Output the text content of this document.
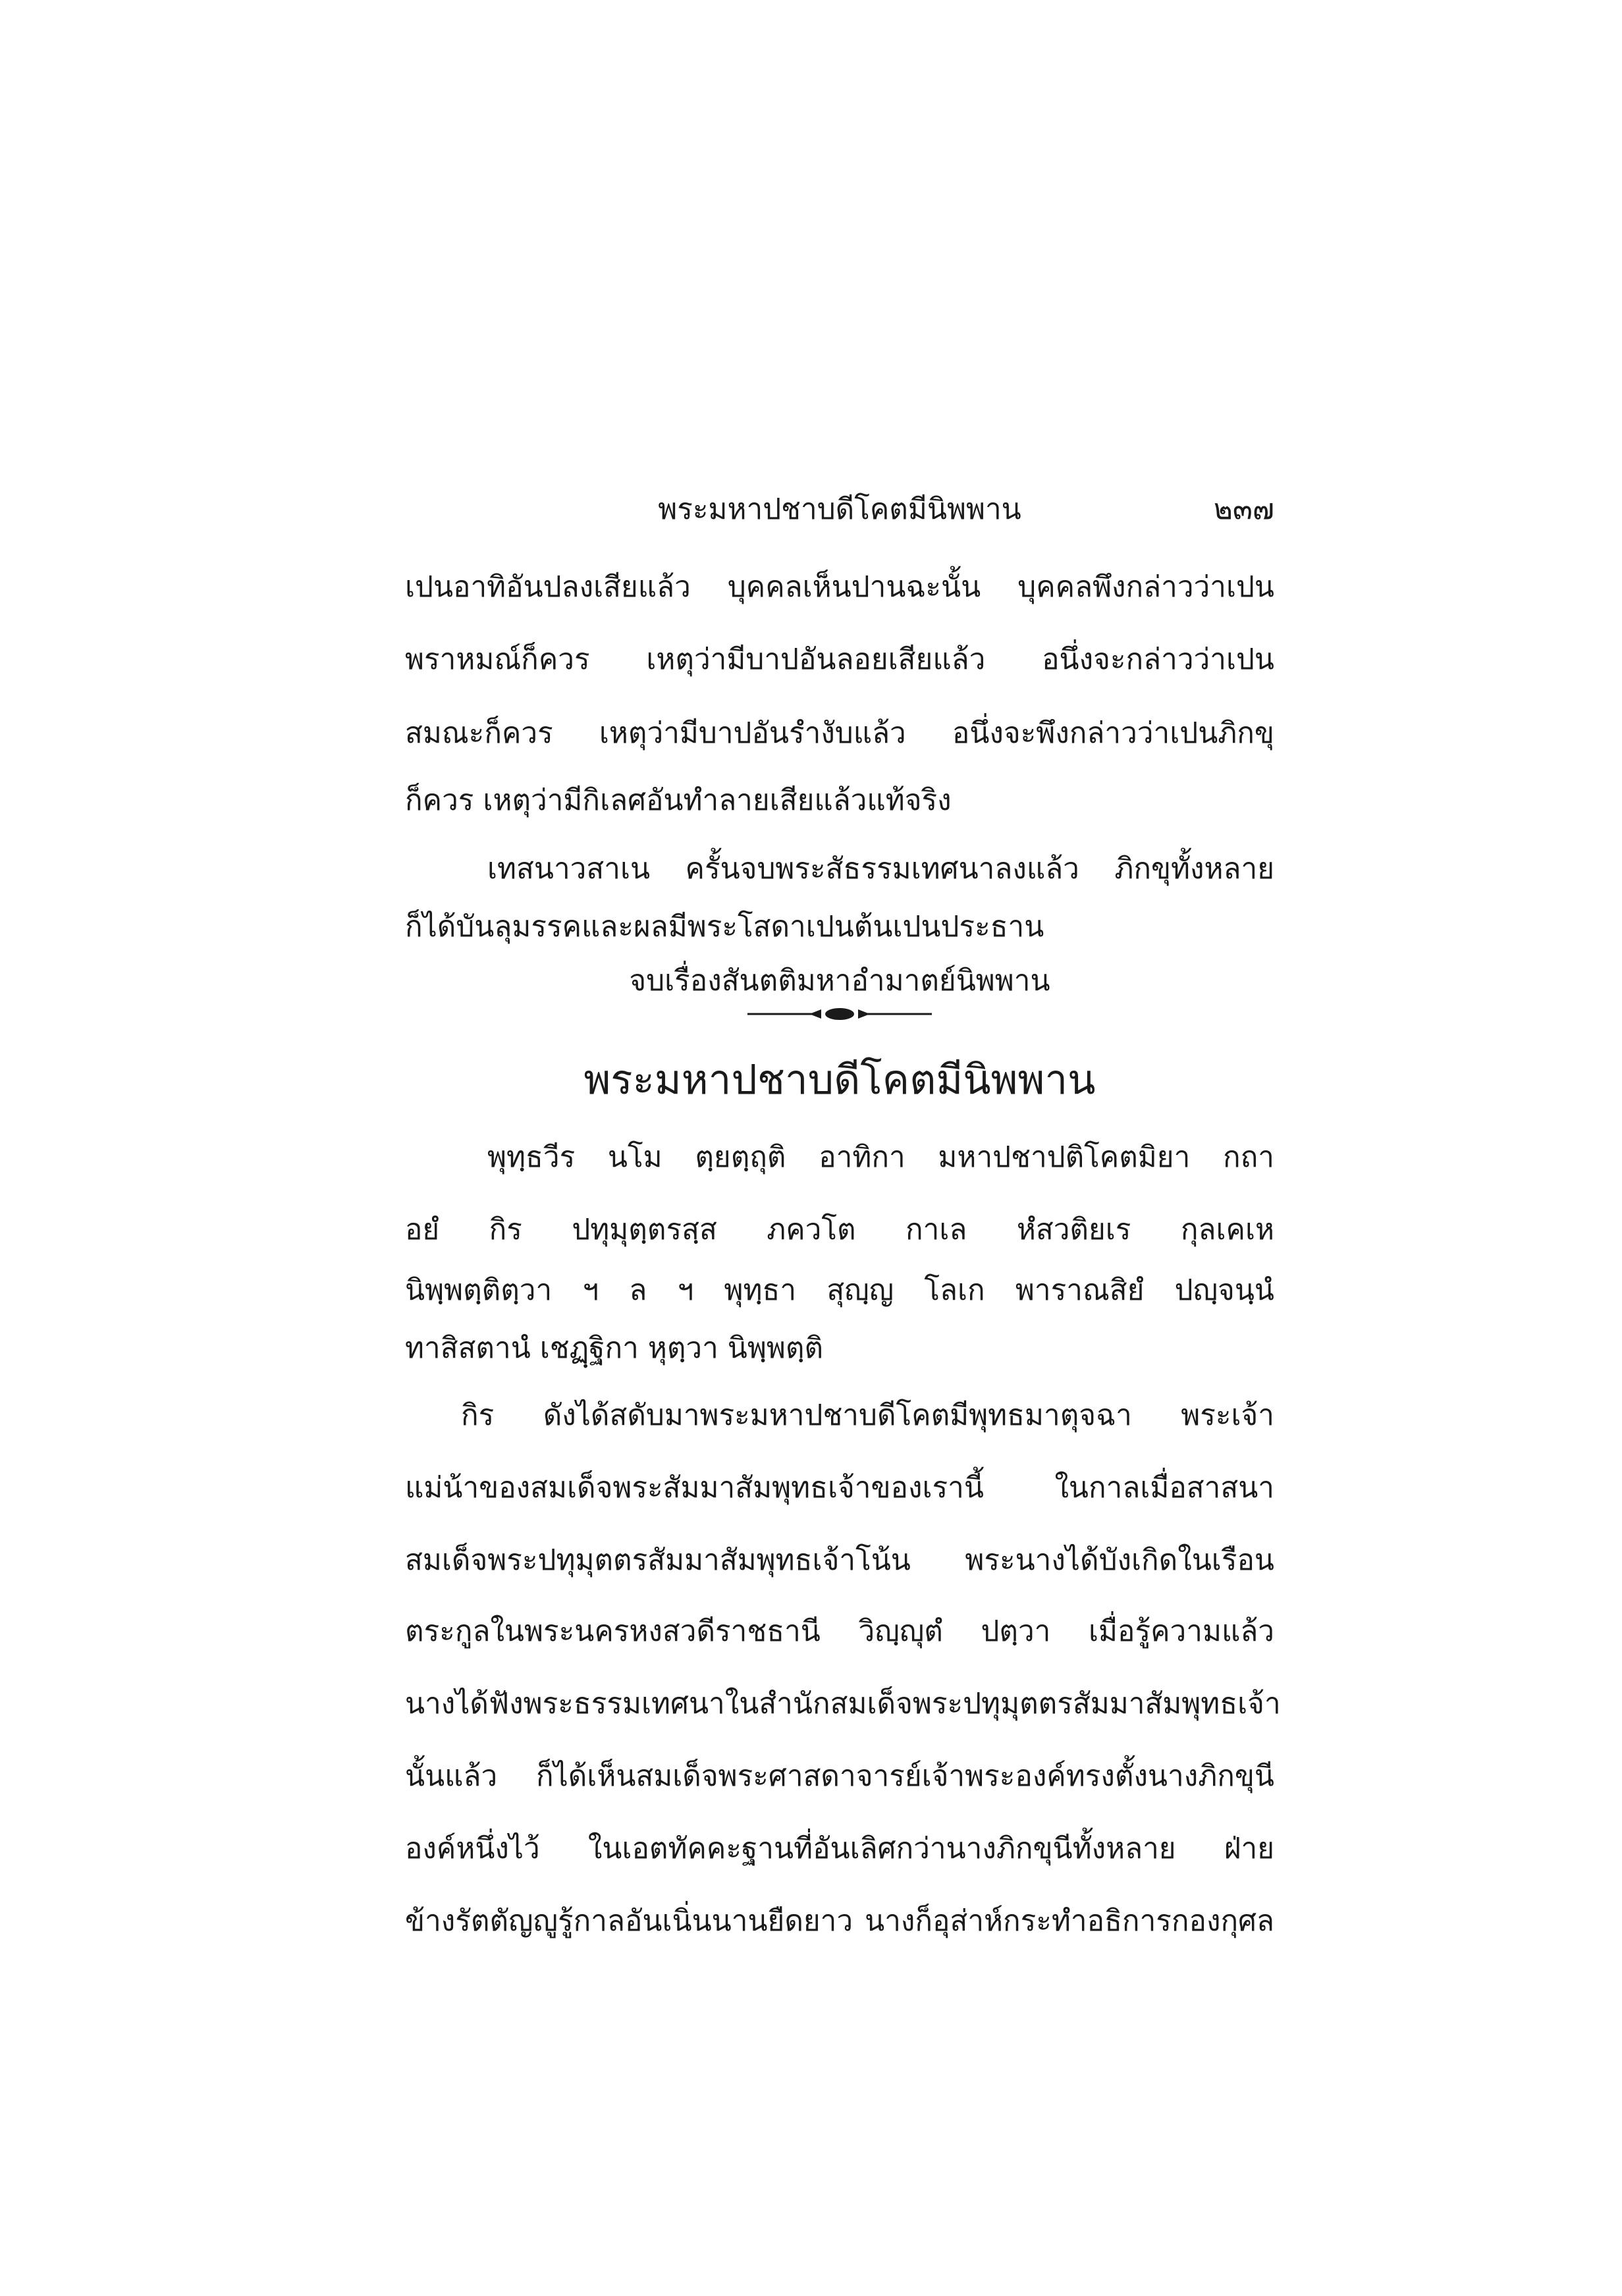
พระมหาปชาบดีโคตมีนิพพาน	๒๓๗
เปนอาทิอันปลงเสียแล้ว บุคคลเห็นปานฉะนั้น บุคคลพึงกล่าวว่าเปน
พราหมณ์ก็ควร เหตุว่ามีบาปอันลอยเสียแล้ว อนึ่งจะกล่าวว่าเปน
สมณะก็ควร เหตุว่ามีบาปอันรำงับแล้ว อนึ่งจะพึงกล่าวว่าเปนภิกขุ
ก็ควร เหตุว่ามีกิเลศอันทำลายเสียแล้วแท้จริง
เทสนาวสาเน ครั้นจบพระสัธรรมเทศนาลงแล้ว ภิกขุทั้งหลาย
ก็ได้บันลุมรรคและผลมีพระโสดาเปนต้นเปนประธาน
จบเรื่องสันตติมหาอำมาตย์นิพพาน
พระมหาปชาบดีโคตมีนิพพาน
พุทฺธวีร นโม ตฺยตฺถุติ อาทิกา มหาปชาปติโคตมิยา กถา
อยํ กิร ปทุมุตฺตรสฺส ภควโต กาเล หํสวติยเร กุลเคเห
นิพฺพตฺติตฺวา ฯ ล ฯ พุทฺธา สุญฺญ โลเก พาราณสิยํ ปญฺจนฺนํ
ทาสิสตานํ เชฏฺฐิกา หุตฺวา นิพฺพตฺติ
กิร ดังได้สดับมาพระมหาปชาบดีโคตมีพุทธมาตุจฉา พระเจ้า
แม่น้าของสมเด็จพระสัมมาสัมพุทธเจ้าของเรานี้ ในกาลเมื่อสาสนา
สมเด็จพระปทุมุตตรสัมมาสัมพุทธเจ้าโน้น พระนางได้บังเกิดในเรือน
ตระกูลในพระนครหงสวดีราชธานี วิญฺญุตํ ปตฺวา เมื่อรู้ความแล้ว
นางได้ฟังพระธรรมเทศนาในสำนักสมเด็จพระปทุมุตตรสัมมาสัมพุทธเจ้า
นั้นแล้ว ก็ได้เห็นสมเด็จพระศาสดาจารย์เจ้าพระองค์ทรงตั้งนางภิกขุนี
องค์หนึ่งไว้ ในเอตทัคคะฐานที่อันเลิศกว่านางภิกขุนีทั้งหลาย ฝ่าย
ข้างรัตตัญญูรู้กาลอันเนิ่นนานยืดยาว นางก็อุส่าห์กระทำอธิการกองกุศล
